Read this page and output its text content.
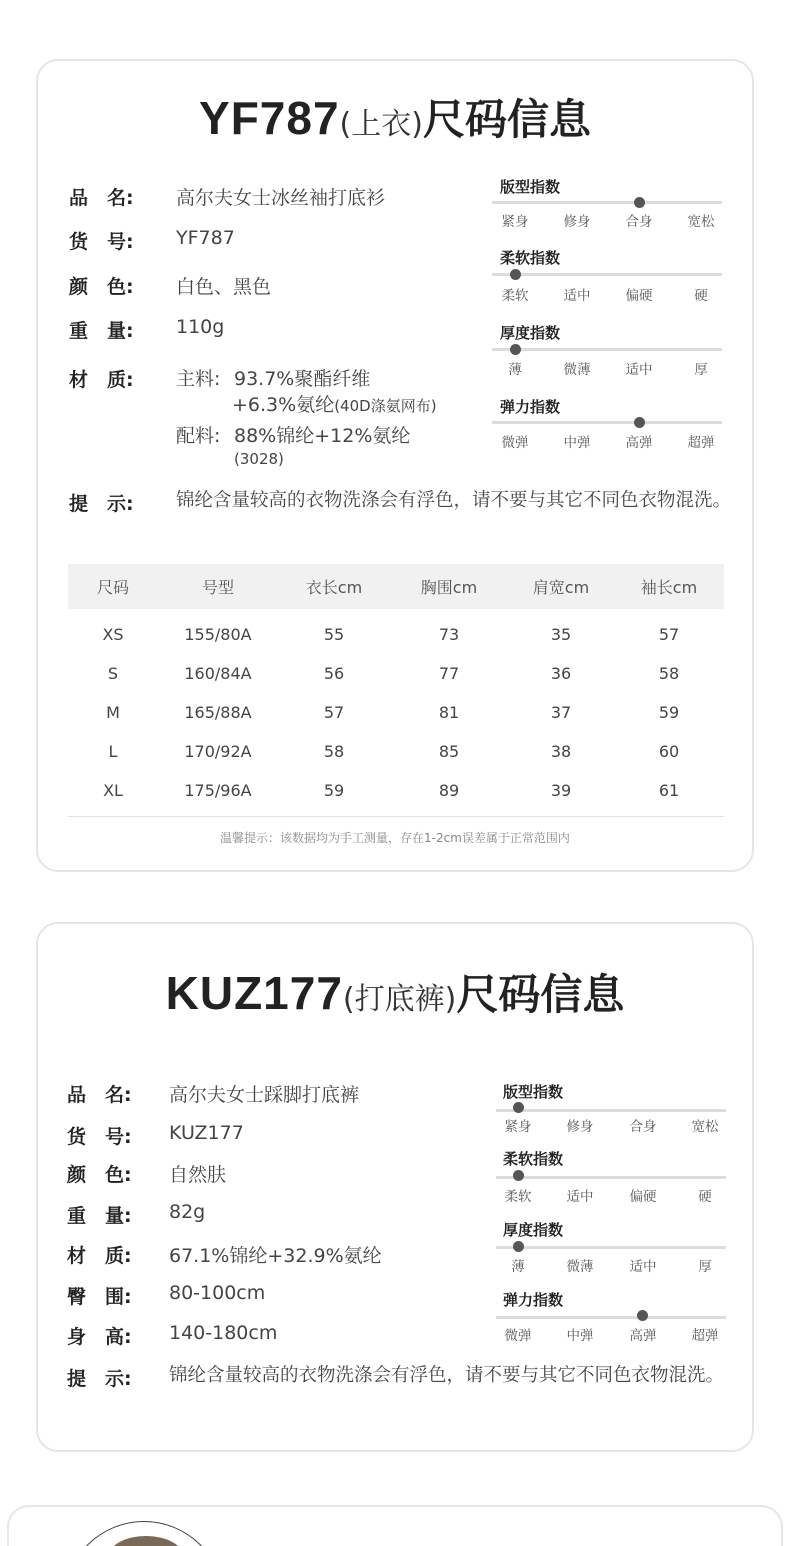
YF787(上衣)尺码信息
品　名: 高尔夫女士冰丝袖打底衫
货　号: YF787
颜　色: 白色、黑色
重　量: 110g
材　质: 主料: 93.7%聚酯纤维
+6.3%氨纶(40D涤氨网布)
配料: 88%锦纶+12%氨纶
(3028)
提　示: 锦纶含量较高的衣物洗涤会有浮色，请不要与其它不同色衣物混洗。
版型指数
紧身	修身	合身	宽松
柔软指数
柔软	适中	偏硬	硬
厚度指数
薄	微薄	适中	厚
弹力指数
微弹	中弹	高弹	超弹
尺码	号型	衣长cm	胸围cm	肩宽cm	袖长cm
XS	155/80A	55	73	35	57
S	160/84A	56	77	36	58
M	165/88A	57	81	37	59
L	170/92A	58	85	38	60
XL	175/96A	59	89	39	61
温馨提示：该数据均为手工测量，存在1-2cm误差属于正常范围内
KUZ177(打底裤)尺码信息
品　名: 高尔夫女士踩脚打底裤
货　号: KUZ177
颜　色: 自然肤
重　量: 82g
材　质: 67.1%锦纶+32.9%氨纶
臀　围: 80-100cm
身　高: 140-180cm
提　示: 锦纶含量较高的衣物洗涤会有浮色，请不要与其它不同色衣物混洗。
版型指数
紧身	修身	合身	宽松
柔软指数
柔软	适中	偏硬	硬
厚度指数
薄	微薄	适中	厚
弹力指数
微弹	中弹	高弹	超弹
